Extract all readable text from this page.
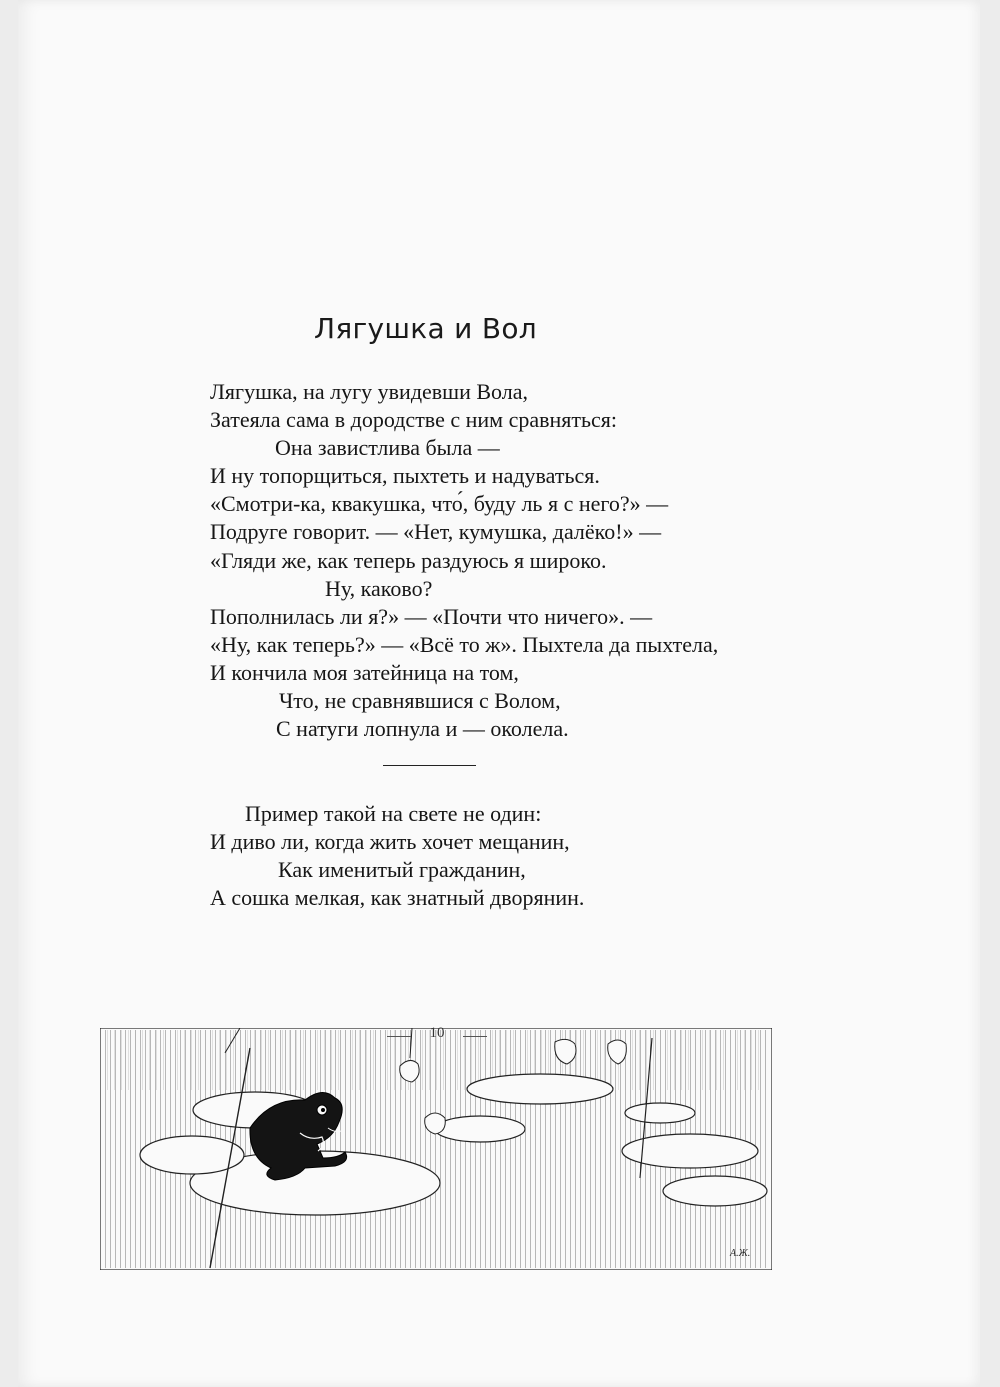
Лягушка и Вол
Лягушка, на лугу увидевши Вола,
Затеяла сама в дородстве с ним сравняться:
Она завистлива была —
И ну топорщиться, пыхтеть и надуваться.
«Смотри-ка, квакушка, что́, буду ль я с него?» —
Подруге говорит. — «Нет, кумушка, далёко!» —
«Гляди же, как теперь раздуюсь я широко.
Ну, каково?
Пополнилась ли я?» — «Почти что ничего». —
«Ну, как теперь?» — «Всё то ж». Пыхтела да пыхтела,
И кончила моя затейница на том,
Что, не сравнявшися с Волом,
С натуги лопнула и — околела.
Пример такой на свете не один:
И диво ли, когда жить хочет мещанин,
Как именитый гражданин,
А сошка мелкая, как знатный дворянин.
А.Ж.
10
